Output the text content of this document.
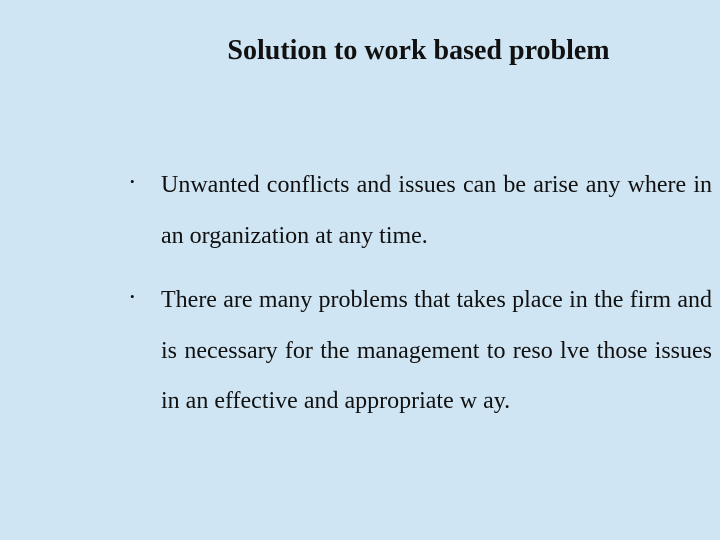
Solution to work based problem
• Unwanted conflicts and issues can be arise any where in an organization at any time.
• There are many problems that takes place in the firm and is necessary for the management to reso lve those issues in an effective and appropriate w ay.
